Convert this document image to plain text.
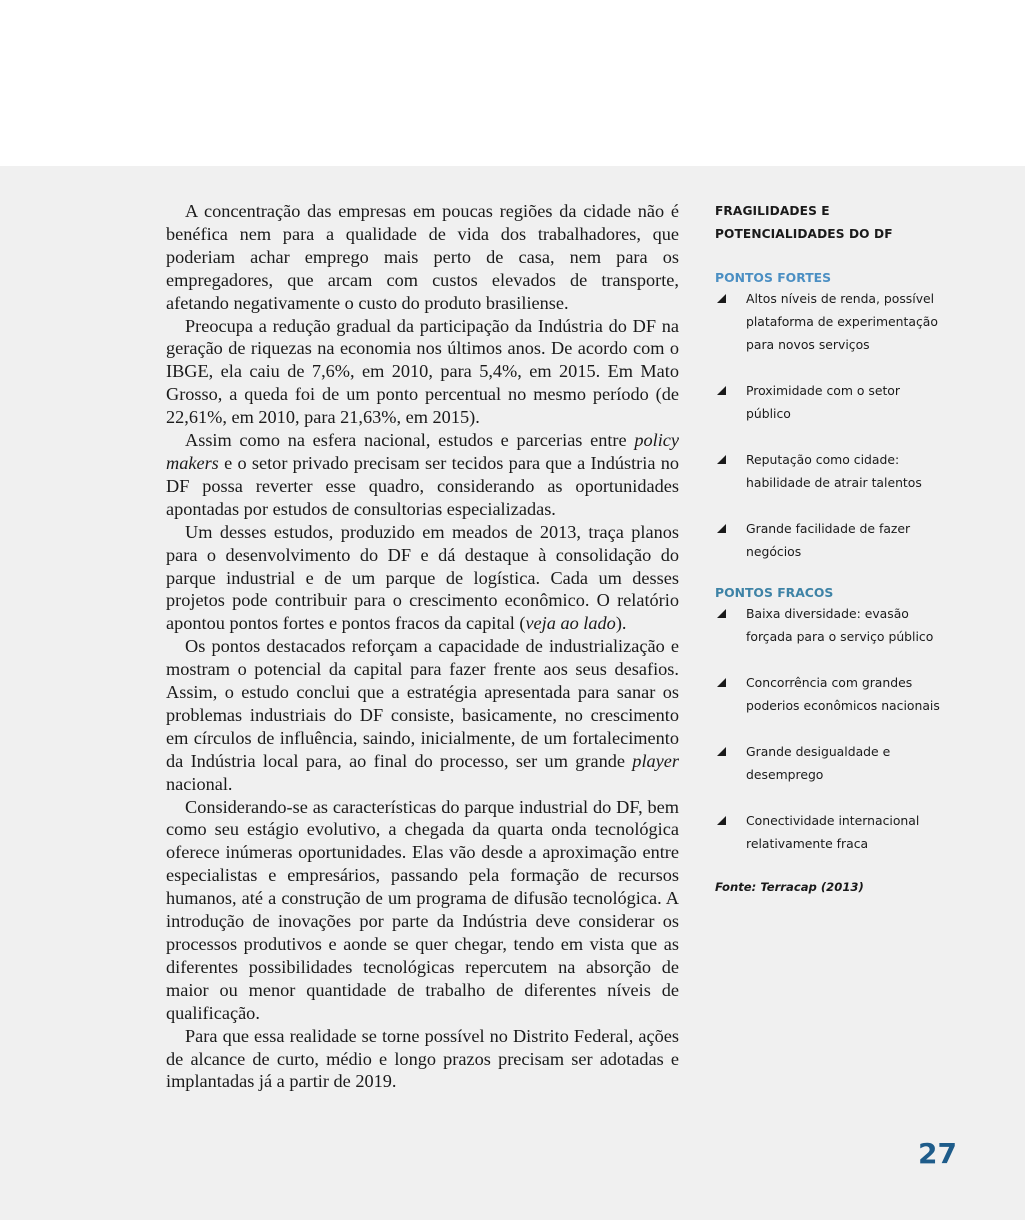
A concentração das empresas em poucas regiões da cidade não é benéfica nem para a qualidade de vida dos trabalhadores, que poderiam achar emprego mais perto de casa, nem para os empregadores, que arcam com custos elevados de transporte, afetando negativamente o custo do produto brasiliense.

Preocupa a redução gradual da participação da Indústria do DF na geração de riquezas na economia nos últimos anos. De acordo com o IBGE, ela caiu de 7,6%, em 2010, para 5,4%, em 2015. Em Mato Grosso, a queda foi de um ponto percentual no mesmo período (de 22,61%, em 2010, para 21,63%, em 2015).

Assim como na esfera nacional, estudos e parcerias entre policy makers e o setor privado precisam ser tecidos para que a Indústria no DF possa reverter esse quadro, considerando as oportunidades apontadas por estudos de consultorias especializadas.

Um desses estudos, produzido em meados de 2013, traça planos para o desenvolvimento do DF e dá destaque à consolidação do parque industrial e de um parque de logística. Cada um desses projetos pode contribuir para o crescimento econômico. O relatório apontou pontos fortes e pontos fracos da capital (veja ao lado).

Os pontos destacados reforçam a capacidade de industrialização e mostram o potencial da capital para fazer frente aos seus desafios. Assim, o estudo conclui que a estratégia apresentada para sanar os problemas industriais do DF consiste, basicamente, no crescimento em círculos de influência, saindo, inicialmente, de um fortalecimento da Indústria local para, ao final do processo, ser um grande player nacional.

Considerando-se as características do parque industrial do DF, bem como seu estágio evolutivo, a chegada da quarta onda tecnológica oferece inúmeras oportunidades. Elas vão desde a aproximação entre especialistas e empresários, passando pela formação de recursos humanos, até a construção de um programa de difusão tecnológica. A introdução de inovações por parte da Indústria deve considerar os processos produtivos e aonde se quer chegar, tendo em vista que as diferentes possibilidades tecnológicas repercutem na absorção de maior ou menor quantidade de trabalho de diferentes níveis de qualificação.

Para que essa realidade se torne possível no Distrito Federal, ações de alcance de curto, médio e longo prazos precisam ser adotadas e implantadas já a partir de 2019.

FRAGILIDADES E

POTENCIALIDADES DO DF

PONTOS FORTES

Altos níveis de renda, possível plataforma de experimentação para novos serviços
Proximidade com o setor público
Reputação como cidade: habilidade de atrair talentos
Grande facilidade de fazer negócios

PONTOS FRACOS

Baixa diversidade: evasão forçada para o serviço público
Concorrência com grandes poderios econômicos nacionais
Grande desigualdade e desemprego
Conectividade internacional relativamente fraca

Fonte: Terracap (2013)

27
